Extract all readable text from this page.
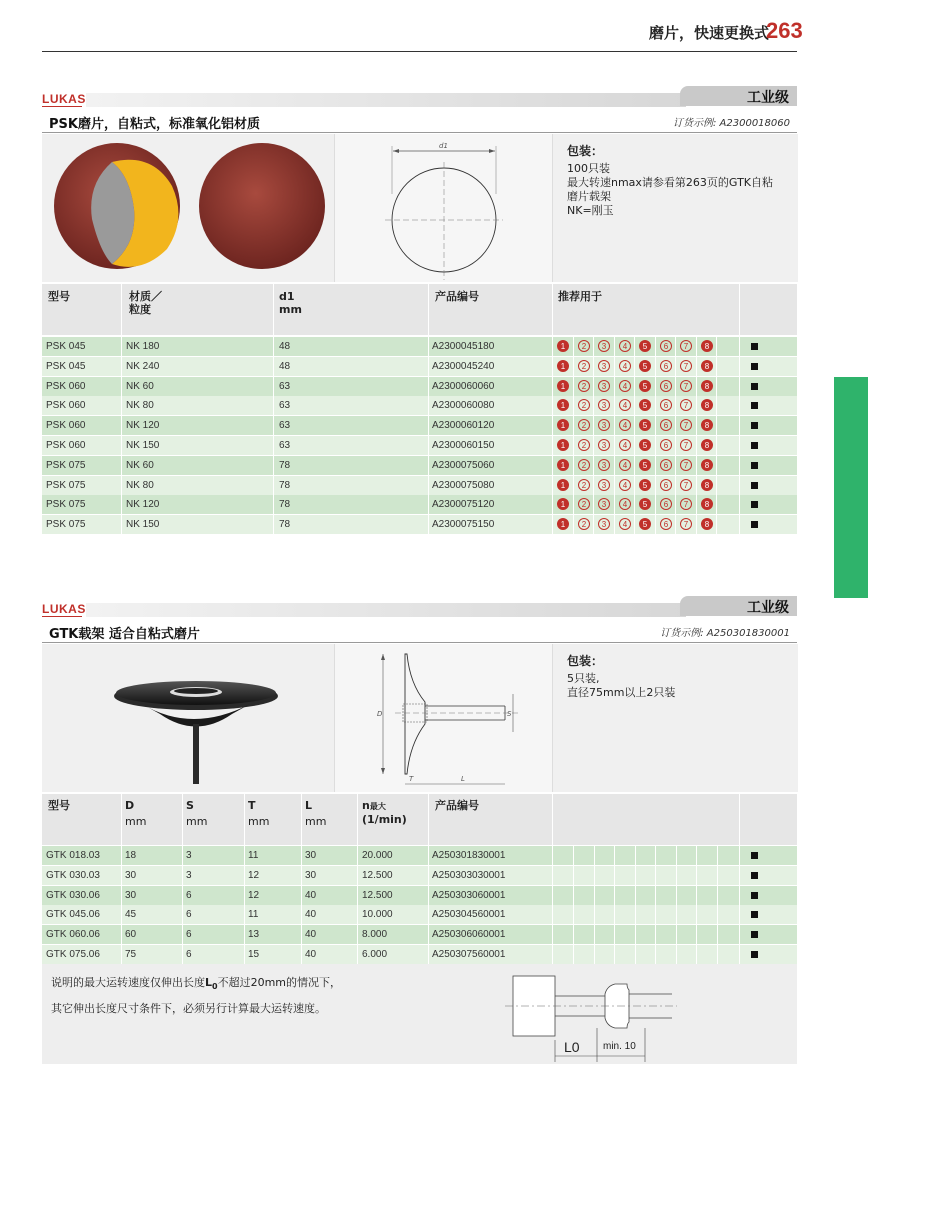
磨片，快速更换式
263
LUKAS	工业级
PSK磨片，自粘式，标准氧化铝材质	订货示例: A2300018060
d1	包装：
100只装
最大转速nmax请参看第263页的GTK自粘
磨片载架
NK=刚玉
型号	材质／
粒度
d1
mm
产品编号	推荐用于
PSK 045	NK 180	48	A2300045180	1	2	3	4	5	6	7	8
PSK 045	NK 240	48	A2300045240	1	2	3	4	5	6	7	8
PSK 060	NK 60	63	A2300060060	1	2	3	4	5	6	7	8
PSK 060	NK 80	63	A2300060080	1	2	3	4	5	6	7	8
PSK 060	NK 120	63	A2300060120	1	2	3	4	5	6	7	8
PSK 060	NK 150	63	A2300060150	1	2	3	4	5	6	7	8
PSK 075	NK 60	78	A2300075060	1	2	3	4	5	6	7	8
PSK 075	NK 80	78	A2300075080	1	2	3	4	5	6	7	8
PSK 075	NK 120	78	A2300075120	1	2	3	4	5	6	7	8
PSK 075	NK 150	78	A2300075150	1	2	3	4	5	6	7	8
LUKAS	工业级
GTK载架 适合自粘式磨片	订货示例: A250301830001
D	S
T	L
包装：
5只装,
直径75mm以上2只装
型号	D
mm
S
mm
T
mm
L
mm
n最大
(1/min)
产品编号
GTK 018.03	18	3	11	30	20.000	A250301830001
GTK 030.03	30	3	12	30	12.500	A250303030001
GTK 030.06	30	6	12	40	12.500	A250303060001
GTK 045.06	45	6	11	40	10.000	A250304560001
GTK 060.06	60	6	13	40	8.000	A250306060001
GTK 075.06	75	6	15	40	6.000	A250307560001
说明的最大运转速度仅伸出长度$L_0$不超过20mm的情况下，
其它伸出长度尺寸条件下，必须另行计算最大运转速度。
L0 min. 10
